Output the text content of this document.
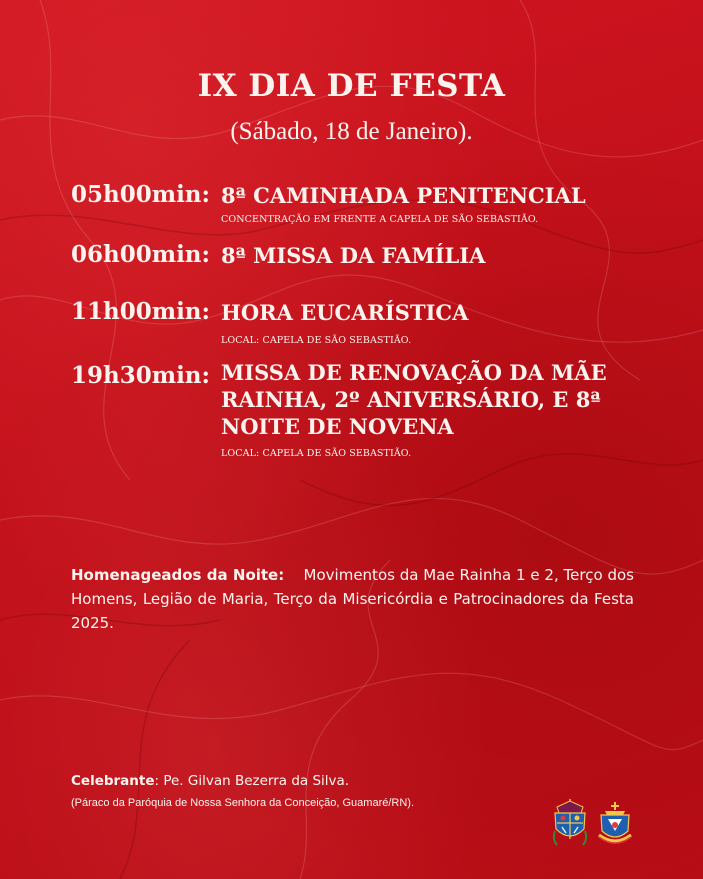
IX DIA DE FESTA
(Sábado, 18 de Janeiro).
05h00min: 8ª CAMINHADA PENITENCIAL
CONCENTRAÇÃO EM FRENTE A CAPELA DE SÃO SEBASTIÃO.
06h00min: 8ª MISSA DA FAMÍLIA
11h00min: HORA EUCARÍSTICA
LOCAL: CAPELA DE SÃO SEBASTIÃO.
19h30min: MISSA DE RENOVAÇÃO DA MÃE RAINHA, 2º ANIVERSÁRIO, E 8ª NOITE DE NOVENA
LOCAL: CAPELA DE SÃO SEBASTIÃO.
Homenageados da Noite: Movimentos da Mae Rainha 1 e 2, Terço dos Homens, Legião de Maria, Terço da Misericórdia e Patrocinadores da Festa 2025.
Celebrante: Pe. Gilvan Bezerra da Silva.
(Páraco da Paróquia de Nossa Senhora da Conceição, Guamaré/RN).
